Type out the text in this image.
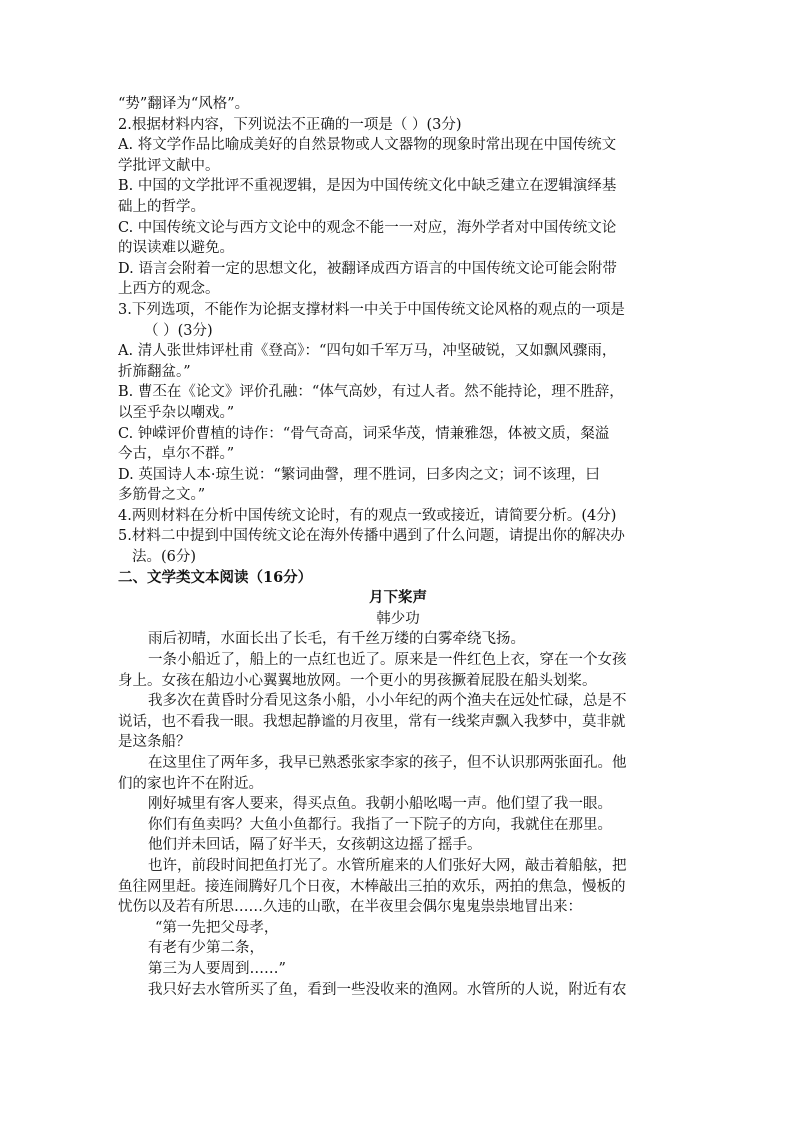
“势”翻译为“风格”。
2.根据材料内容，下列说法不正确的一项是（ ）(3分)
A. 将文学作品比喻成美好的自然景物或人文器物的现象时常出现在中国传统文
学批评文献中。
B. 中国的文学批评不重视逻辑，是因为中国传统文化中缺乏建立在逻辑演绎基
础上的哲学。
C. 中国传统文论与西方文论中的观念不能一一对应，海外学者对中国传统文论
的误读难以避免。
D. 语言会附着一定的思想文化，被翻译成西方语言的中国传统文论可能会附带
上西方的观念。
3.下列选项，不能作为论据支撑材料一中关于中国传统文论风格的观点的一项是
（ ）(3分)
A. 清人张世炜评杜甫《登高》：“四句如千军万马，冲坚破锐，又如飘风骤雨，
折旆翻盆。”
B. 曹丕在《论文》评价孔融：“体气高妙，有过人者。然不能持论，理不胜辞，
以至乎杂以嘲戏。”
C. 钟嵘评价曹植的诗作：“骨气奇高，词采华茂，情兼雅怨，体被文质，粲溢
今古，卓尔不群。”
D. 英国诗人本·琼生说：“繁词曲謦，理不胜词，曰多肉之文；词不该理，曰
多筋骨之文。”
4.两则材料在分析中国传统文论时，有的观点一致或接近，请简要分析。(4分)
5.材料二中提到中国传统文论在海外传播中遇到了什么问题，请提出你的解决办
法。(6分)
二、文学类文本阅读（16分）
月下桨声
韩少功
雨后初晴，水面长出了长毛，有千丝万缕的白雾牵绕飞扬。
一条小船近了，船上的一点红也近了。原来是一件红色上衣，穿在一个女孩
身上。女孩在船边小心翼翼地放网。一个更小的男孩撅着屁股在船头划桨。
我多次在黄昏时分看见这条小船，小小年纪的两个渔夫在远处忙碌，总是不
说话，也不看我一眼。我想起静谧的月夜里，常有一线桨声飘入我梦中，莫非就
是这条船？
在这里住了两年多，我早已熟悉张家李家的孩子，但不认识那两张面孔。他
们的家也许不在附近。
刚好城里有客人要来，得买点鱼。我朝小船吆喝一声。他们望了我一眼。
你们有鱼卖吗？大鱼小鱼都行。我指了一下院子的方向，我就住在那里。
他们并未回话，隔了好半天，女孩朝这边摇了摇手。
也许，前段时间把鱼打光了。水管所雇来的人们张好大网，敲击着船舷，把
鱼往网里赶。接连闹腾好几个日夜，木棒敲出三拍的欢乐，两拍的焦急，慢板的
忧伤以及若有所思……久违的山歌，在半夜里会偶尔鬼鬼祟祟地冒出来：
“第一先把父母孝，
有老有少第二条，
第三为人要周到……”
我只好去水管所买了鱼，看到一些没收来的渔网。水管所的人说，附近有农
